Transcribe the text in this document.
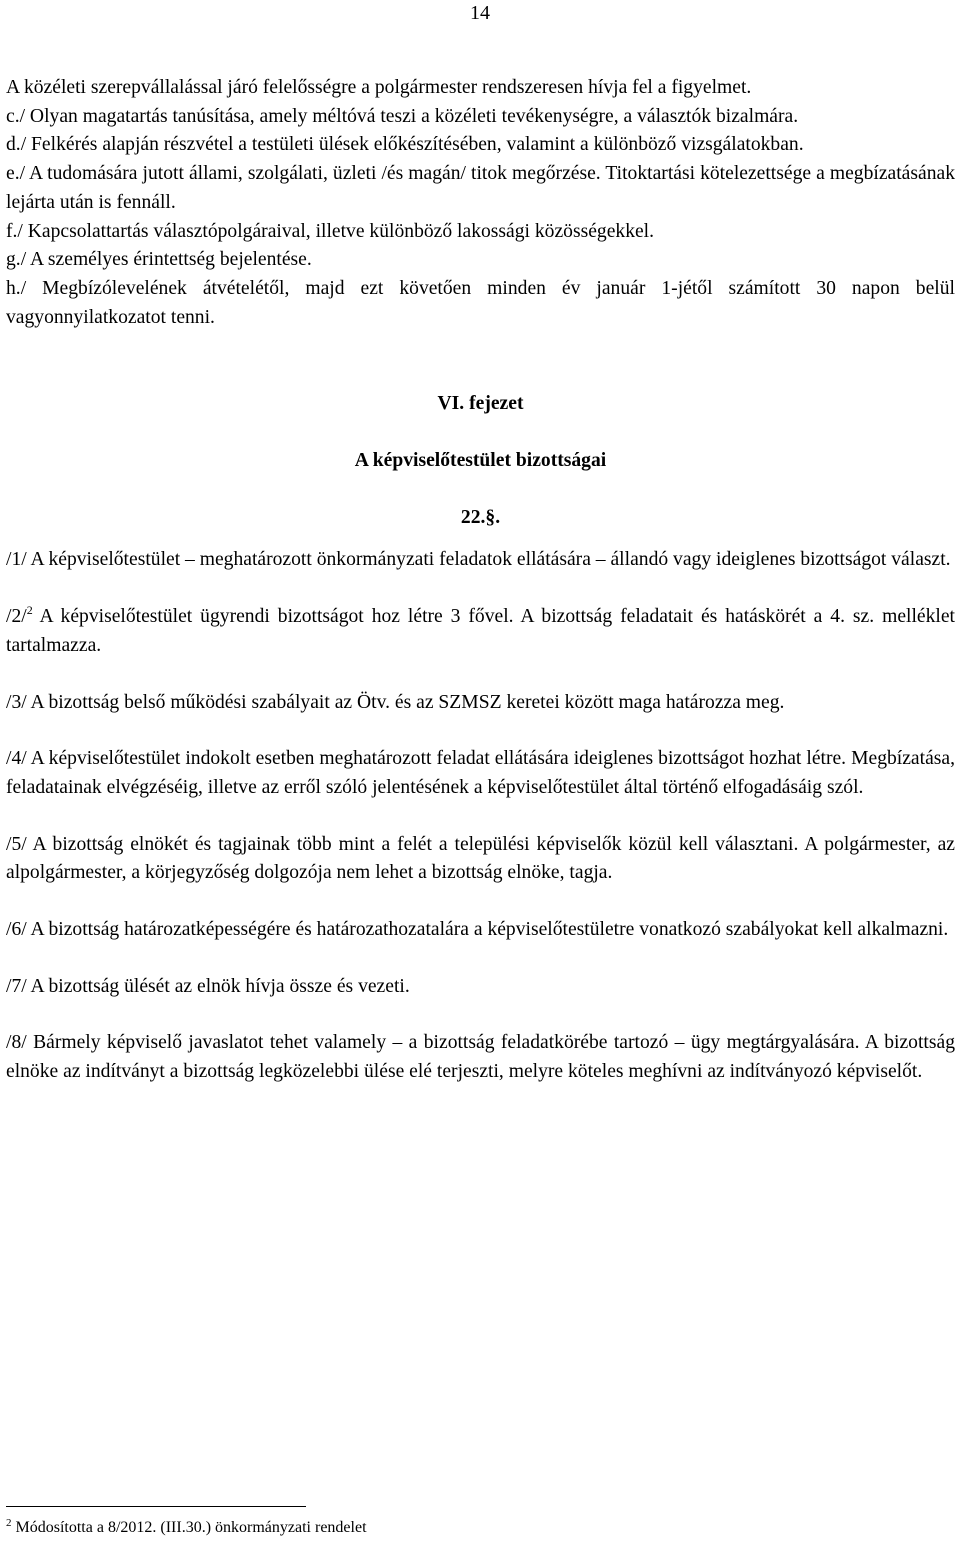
14

A közéleti szerepvállalással járó felelősségre a polgármester rendszeresen hívja fel a figyelmet.

c./ Olyan magatartás tanúsítása, amely méltóvá teszi a közéleti tevékenységre, a választók bizalmára.

d./ Felkérés alapján részvétel a testületi ülések előkészítésében, valamint a különböző vizsgálatokban.

e./ A tudomására jutott állami, szolgálati, üzleti /és magán/ titok megőrzése. Titoktartási kötelezettsége a megbízatásának lejárta után is fennáll.

f./ Kapcsolattartás választópolgáraival, illetve különböző lakossági közösségekkel.

g./ A személyes érintettség bejelentése.

h./ Megbízólevelének átvételétől, majd ezt követően minden év január 1-jétől számított 30 napon belül vagyonnyilatkozatot tenni.

VI. fejezet

A képviselőtestület bizottságai

22.§.

/1/ A képviselőtestület – meghatározott önkormányzati feladatok ellátására – állandó vagy ideiglenes bizottságot választ.

/2/$^2$ A képviselőtestület ügyrendi bizottságot hoz létre 3 fővel. A bizottság feladatait és hatáskörét a 4. sz. melléklet tartalmazza.

/3/ A bizottság belső működési szabályait az Ötv. és az SZMSZ keretei között maga határozza meg.

/4/ A képviselőtestület indokolt esetben meghatározott feladat ellátására ideiglenes bizottságot hozhat létre. Megbízatása, feladatainak elvégzéséig, illetve az erről szóló jelentésének a képviselőtestület által történő elfogadásáig szól.

/5/ A bizottság elnökét és tagjainak több mint a felét a települési képviselők közül kell választani. A polgármester, az alpolgármester, a körjegyzőség dolgozója nem lehet a bizottság elnöke, tagja.

/6/ A bizottság határozatképességére és határozathozatalára a képviselőtestületre vonatkozó szabályokat kell alkalmazni.

/7/ A bizottság ülését az elnök hívja össze és vezeti.

/8/ Bármely képviselő javaslatot tehet valamely – a bizottság feladatkörébe tartozó – ügy megtárgyalására. A bizottság elnöke az indítványt a bizottság legközelebbi ülése elé terjeszti, melyre köteles meghívni az indítványozó képviselőt.

$^2$ Módosította a 8/2012. (III.30.) önkormányzati rendelet
